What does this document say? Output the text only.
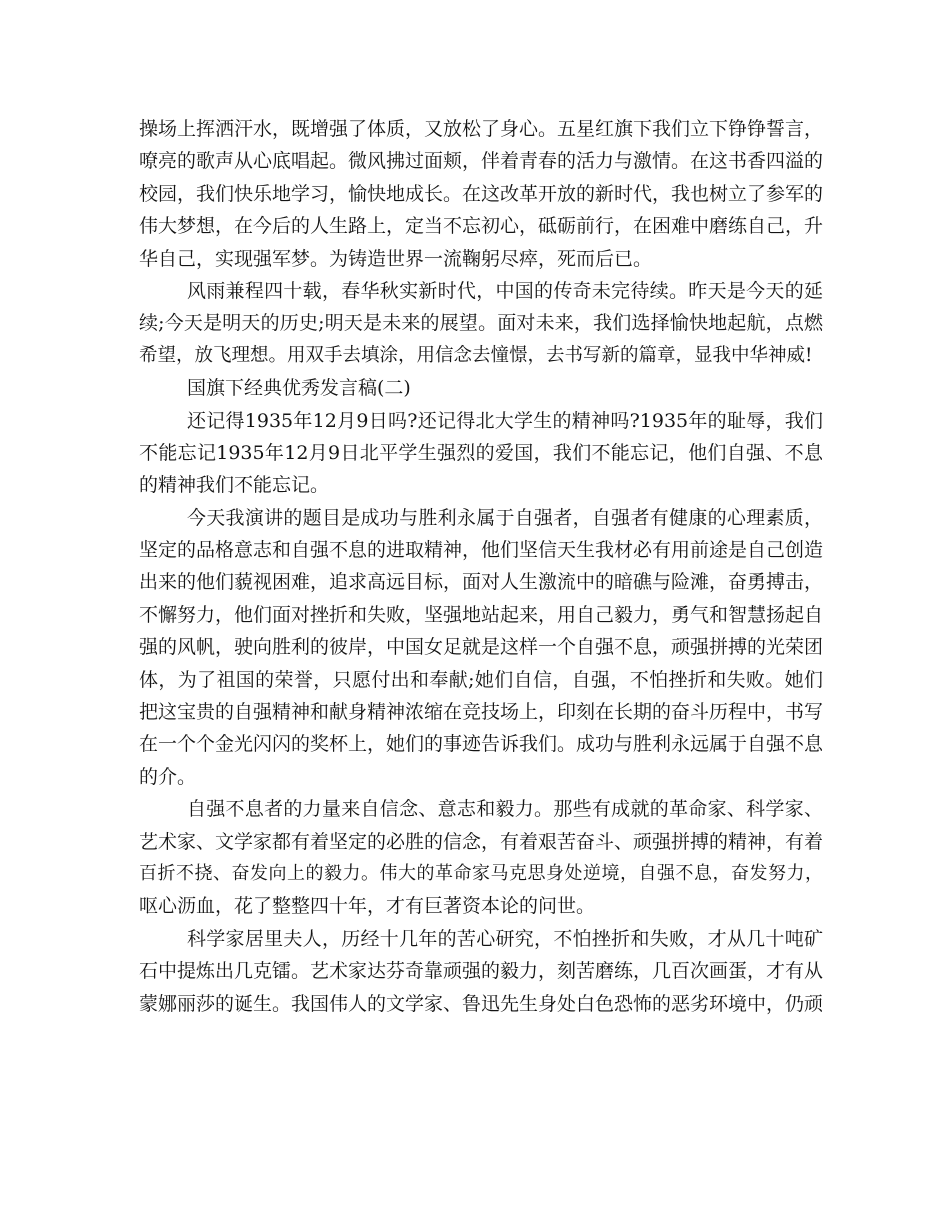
操场上挥洒汗水，既增强了体质，又放松了身心。五星红旗下我们立下铮铮誓言，
嘹亮的歌声从心底唱起。微风拂过面颊，伴着青春的活力与激情。在这书香四溢的
校园，我们快乐地学习，愉快地成长。在这改革开放的新时代，我也树立了参军的
伟大梦想，在今后的人生路上，定当不忘初心，砥砺前行，在困难中磨练自己，升
华自己，实现强军梦。为铸造世界一流鞠躬尽瘁，死而后已。
风雨兼程四十载，春华秋实新时代，中国的传奇未完待续。昨天是今天的延
续;今天是明天的历史;明天是未来的展望。面对未来，我们选择愉快地起航，点燃
希望，放飞理想。用双手去填涂，用信念去憧憬，去书写新的篇章，显我中华神威!
国旗下经典优秀发言稿(二)
还记得1935年12月9日吗?还记得北大学生的精神吗?1935年的耻辱，我们
不能忘记1935年12月9日北平学生强烈的爱国，我们不能忘记，他们自强、不息
的精神我们不能忘记。
今天我演讲的题目是成功与胜利永属于自强者，自强者有健康的心理素质，
坚定的品格意志和自强不息的进取精神，他们坚信天生我材必有用前途是自己创造
出来的他们藐视困难，追求高远目标，面对人生激流中的暗礁与险滩，奋勇搏击，
不懈努力，他们面对挫折和失败，坚强地站起来，用自己毅力，勇气和智慧扬起自
强的风帆，驶向胜利的彼岸，中国女足就是这样一个自强不息，顽强拼搏的光荣团
体，为了祖国的荣誉，只愿付出和奉献;她们自信，自强，不怕挫折和失败。她们
把这宝贵的自强精神和献身精神浓缩在竞技场上，印刻在长期的奋斗历程中，书写
在一个个金光闪闪的奖杯上，她们的事迹告诉我们。成功与胜利永远属于自强不息
的介。
自强不息者的力量来自信念、意志和毅力。那些有成就的革命家、科学家、
艺术家、文学家都有着坚定的必胜的信念，有着艰苦奋斗、顽强拼搏的精神，有着
百折不挠、奋发向上的毅力。伟大的革命家马克思身处逆境，自强不息，奋发努力，
呕心沥血，花了整整四十年，才有巨著资本论的问世。
科学家居里夫人，历经十几年的苦心研究，不怕挫折和失败，才从几十吨矿
石中提炼出几克镭。艺术家达芬奇靠顽强的毅力，刻苦磨练，几百次画蛋，才有从
蒙娜丽莎的诞生。我国伟人的文学家、鲁迅先生身处白色恐怖的恶劣环境中，仍顽
